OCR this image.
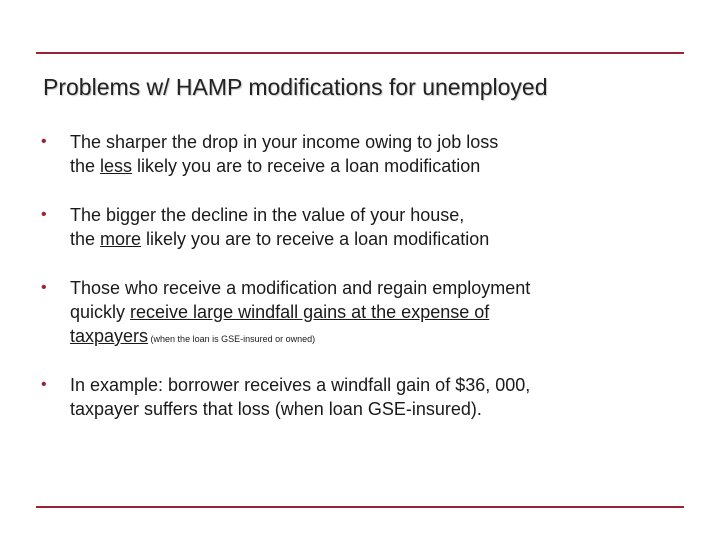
Problems w/ HAMP modifications for unemployed
• The sharper the drop in your income owing to job loss
the less likely you are to receive a loan modification
• The bigger the decline in the value of your house,
the more likely you are to receive a loan modification
• Those who receive a modification and regain employment
quickly receive large windfall gains at the expense of
taxpayers (when the loan is GSE-insured or owned)
• In example: borrower receives a windfall gain of $36, 000,
taxpayer suffers that loss (when loan GSE-insured).
